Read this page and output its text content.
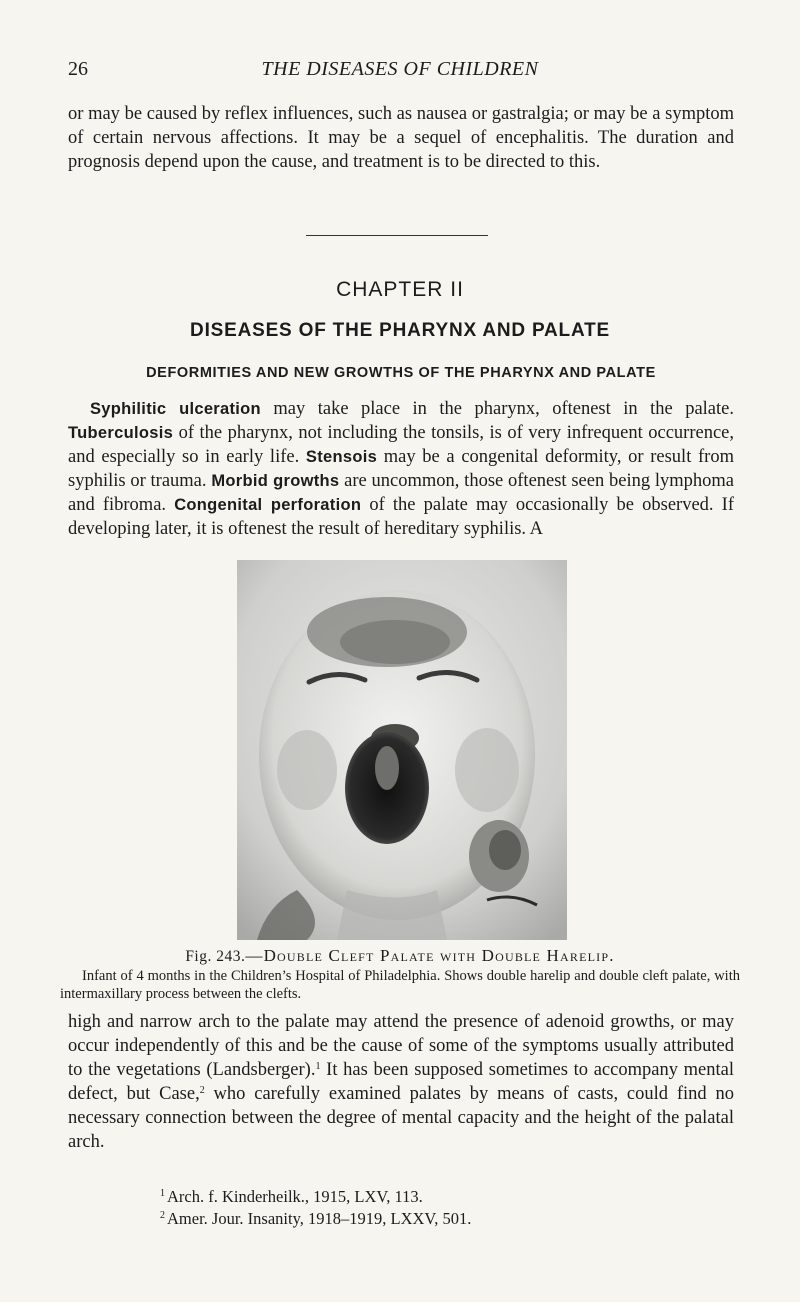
26	THE DISEASES OF CHILDREN

or may be caused by reflex influences, such as nausea or gastralgia; or may be a symptom of certain nervous affections. It may be a sequel of encephalitis. The duration and prognosis depend upon the cause, and treatment is to be directed to this.

CHAPTER II
DISEASES OF THE PHARYNX AND PALATE
DEFORMITIES AND NEW GROWTHS OF THE PHARYNX AND PALATE

Syphilitic ulceration may take place in the pharynx, oftenest in the palate. Tuberculosis of the pharynx, not including the tonsils, is of very infrequent occurrence, and especially so in early life. Stensois may be a congenital deformity, or result from syphilis or trauma. Morbid growths are uncommon, those oftenest seen being lymphoma and fibroma. Congenital perforation of the palate may occasionally be observed. If developing later, it is oftenest the result of hereditary syphilis. A

Fig. 243.—Double Cleft Palate with Double Harelip.
Infant of 4 months in the Children’s Hospital of Philadelphia. Shows double harelip and double cleft palate, with intermaxillary process between the clefts.

high and narrow arch to the palate may attend the presence of adenoid growths, or may occur independently of this and be the cause of some of the symptoms usually attributed to the vegetations (Landsberger).$^1$ It has been supposed sometimes to accompany mental defect, but Case,$^2$ who carefully examined palates by means of casts, could find no necessary connection between the degree of mental capacity and the height of the palatal arch.

$^1$ Arch. f. Kinderheilk., 1915, LXV, 113.
$^2$ Amer. Jour. Insanity, 1918–1919, LXXV, 501.
